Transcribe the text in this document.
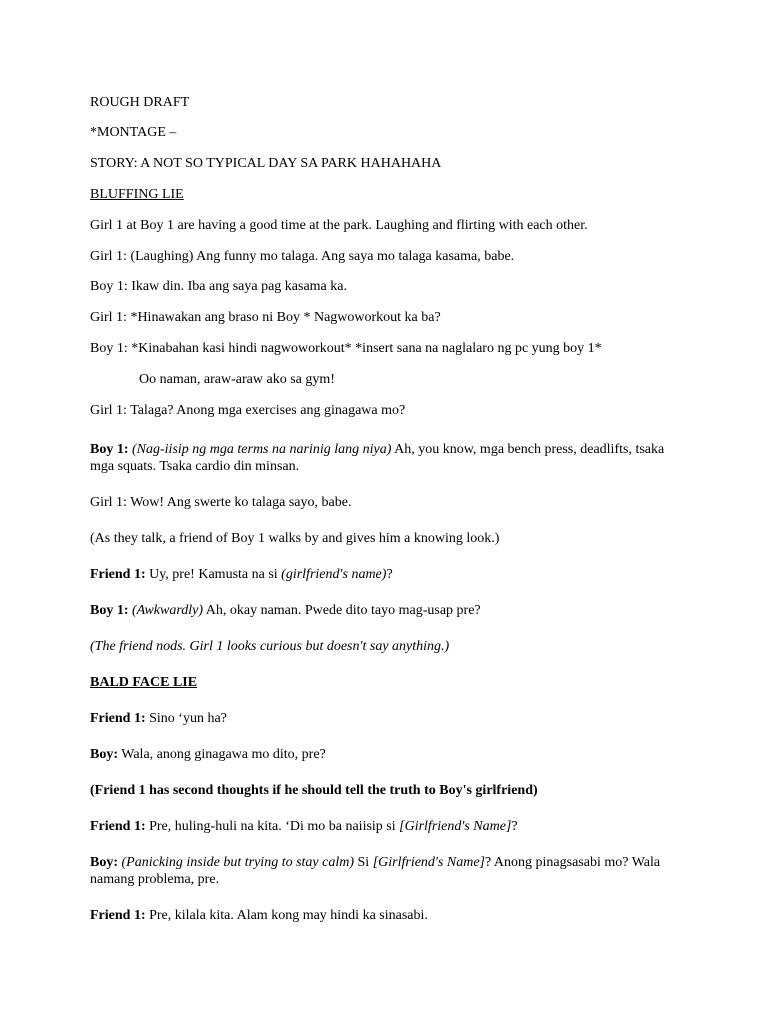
ROUGH DRAFT
*MONTAGE –
STORY: A NOT SO TYPICAL DAY SA PARK HAHAHAHA
BLUFFING LIE
Girl 1 at Boy 1 are having a good time at the park. Laughing and flirting with each other.
Girl 1: (Laughing) Ang funny mo talaga. Ang saya mo talaga kasama, babe.
Boy 1: Ikaw din. Iba ang saya pag kasama ka.
Girl 1: *Hinawakan ang braso ni Boy * Nagwoworkout ka ba?
Boy 1: *Kinabahan kasi hindi nagwoworkout* *insert sana na naglalaro ng pc yung boy 1*
Oo naman, araw-araw ako sa gym!
Girl 1: Talaga? Anong mga exercises ang ginagawa mo?
Boy 1: (Nag-iisip ng mga terms na narinig lang niya) Ah, you know, mga bench press, deadlifts, tsaka mga squats. Tsaka cardio din minsan.
Girl 1: Wow! Ang swerte ko talaga sayo, babe.
(As they talk, a friend of Boy 1 walks by and gives him a knowing look.)
Friend 1: Uy, pre! Kamusta na si (girlfriend's name)?
Boy 1: (Awkwardly) Ah, okay naman. Pwede dito tayo mag-usap pre?
(The friend nods. Girl 1 looks curious but doesn't say anything.)
BALD FACE LIE
Friend 1: Sino ‘yun ha?
Boy: Wala, anong ginagawa mo dito, pre?
(Friend 1 has second thoughts if he should tell the truth to Boy's girlfriend)
Friend 1: Pre, huling-huli na kita. ‘Di mo ba naiisip si [Girlfriend's Name]?
Boy: (Panicking inside but trying to stay calm) Si [Girlfriend's Name]? Anong pinagsasabi mo? Wala namang problema, pre.
Friend 1: Pre, kilala kita. Alam kong may hindi ka sinasabi.
